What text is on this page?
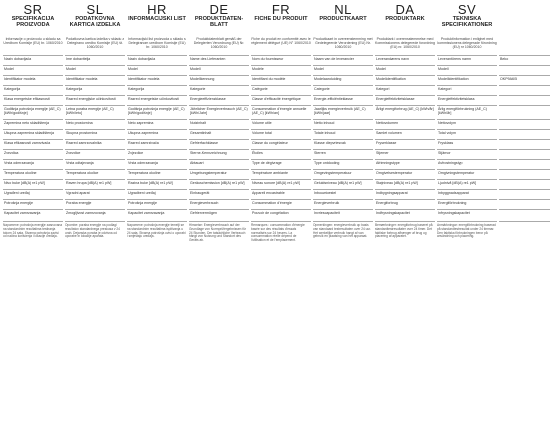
SR
SPECIFIKACIJA PROIZVODA
Informacije o proizvodu u skladu sa Uredbom Komisije (EU) br. 1060/2010
Naziv dobavljača
Model
Identifikator modela
Kategorija
Klasa energetske efikasnosti
Godišnja potrošnja energije (AE_C) [kWh/godišnje]
Zapremina neto skladištenja
Ukupna zapremina skladištenja
Klasa efikasnosti zamrzivača
Zvezdica
Vrsta odmrzavanja
Temperatura okoline
Nivo buke [dB(A) re1 pW]
Ugrađeni uređaj
Potrošnja energije
Kapacitet zamrzavanja
Napomene: potrošnja energije zasnovana na standardnim rezultatima testiranja tokom 24 sata. Stvarna potrošnja zavisi od načina korišćenja i lokacije uređaja.
SL
PODATKOVNA KARTICA IZDELKA
Podatkovna kartica izdelka v skladu z Delegirano uredbo Komisije (EU) št. 1060/2010
Ime dobavitelja
Model
Identifikator modela
Kategorija
Razred energijske učinkovitosti
Letna poraba energije (AE_C) [kWh/leto]
Neto prostornina
Skupna prostornina
Razred zamrzovalnika
Zvezdice
Vrsta odtajevanja
Temperatura okolice
Raven hrupa [dB(A) re1 pW]
Vgradni aparat
Poraba energije
Zmogljivost zamrzovanja
Opombe: poraba energije na podlagi rezultatov standardnega preskusa v 24 urah. Dejanska poraba je odvisna od uporabe in lokacije aparata.
HR
INFORMACIJSKI LIST
Informacijski list proizvoda u skladu s Delegiranom uredbom Komisije (EU) br. 1060/2010
Naziv dobavljača
Model
Identifikator modela
Kategorija
Razred energetske učinkovitosti
Godišnja potrošnja energije (AE_C) [kWh/godišnje]
Neto zapremina
Ukupna zapremina
Razred zamrzivača
Zvjezdice
Vrsta odmrzavanja
Temperatura okoline
Razina buke [dB(A) re1 pW]
Ugradbeni uređaj
Potrošnja energije
Kapacitet zamrzavanja
Napomene: potrošnja energije temelji se na standardnim rezultatima ispitivanja u 24 sata. Stvarna potrošnja ovisi o uporabi i smještaju uređaja.
DE
PRODUKTDATEN-BLATT
Produktdatenblatt gemäß der Delegierten Verordnung (EU) Nr. 1060/2010
Name des Lieferanten
Modell
Modellkennung
Kategorie
Energieeffizienzklasse
Jährlicher Energieverbrauch (AE_C) [kWh/Jahr]
Nutzinhalt
Gesamtinhalt
Gefrierfachklasse
Sterne-Kennzeichnung
Abtauart
Umgebungstemperatur
Geräuschemission [dB(A) re1 pW]
Einbaugerät
Energieverbrauch
Gefriervermögen
Hinweise: Energieverbrauch auf der Grundlage von Normprüfergebnissen für 24 Stunden. Der tatsächliche Verbrauch hängt von Nutzung und Standort des Geräts ab.
FR
FICHE DU PRODUIT
Fiche du produit en conformité avec le règlement délégué (UE) N° 1060/2010
Nom du fournisseur
Modèle
Identifiant du modèle
Catégorie
Classe d'efficacité énergétique
Consommation d'énergie annuelle (AE_C) [kWh/an]
Volume utile
Volume total
Classe du congélateur
Étoiles
Type de dégivrage
Température ambiante
Niveau sonore [dB(A) re1 pW]
Appareil encastrable
Consommation d'énergie
Pouvoir de congélation
Remarques : consommation d'énergie basée sur des résultats d'essais normalisés sur 24 heures. La consommation réelle dépend de l'utilisation et de l'emplacement.
NL
PRODUCTKAART
Productkaart in overeenstemming met Gedelegeerde Verordening (EU) Nr. 1060/2010
Naam van de leverancier
Model
Modelaanduiding
Categorie
Energie-efficiëntieklasse
Jaarlijks energieverbruik (AE_C) [kWh/jaar]
Netto inhoud
Totale inhoud
Klasse diepvriesvak
Sterren
Type ontdooiing
Omgevingstemperatuur
Geluidsniveau [dB(A) re1 pW]
Inbouwtoestel
Energieverbruik
Invriescapaciteit
Opmerkingen: energieverbruik op basis van standaard testresultaten over 24 uur. Het werkelijke verbruik hangt af van gebruik en plaatsing van het apparaat.
DA
PRODUKTARK
Produktark i overensstemmelse med Kommissionens delegerede forordning (EU) nr. 1060/2010
Leverandørens navn
Model
Modelidentifikation
Kategori
Energieffektivitetsklasse
Årligt energiforbrug (AE_C) [kWh/år]
Nettovolumen
Samlet volumen
Fryserklasse
Stjerner
Afrimningstype
Omgivelsestemperatur
Støjniveau [dB(A) re1 pW]
Indbygningsapparat
Energiforbrug
Indfrysningskapacitet
Bemærkninger: energiforbrug baseret på standardtestresultater over 24 timer. Det faktiske forbrug afhænger af brug og placering af apparatet.
SV
TEKNISKA SPECIFIKATIONER
Produktinformation i enlighet med kommissionens delegerade förordning (EU) nr 1060/2010
Leverantörens namn
Modell
Modellidentifikation
Kategori
Energieffektivitetsklass
Årlig energiförbrukning (AE_C) [kWh/år]
Nettovolym
Total volym
Frysklass
Stjärnor
Avfrostningstyp
Omgivningstemperatur
Ljudnivå [dB(A) re1 pW]
Inbyggnadsapparat
Energiförbrukning
Infrysningskapacitet
Anmärkningar: energiförbrukning baserad på standardtestresultat under 24 timmar. Den faktiska förbrukningen beror på användning och placering.
Beko
OKP9A6/5
